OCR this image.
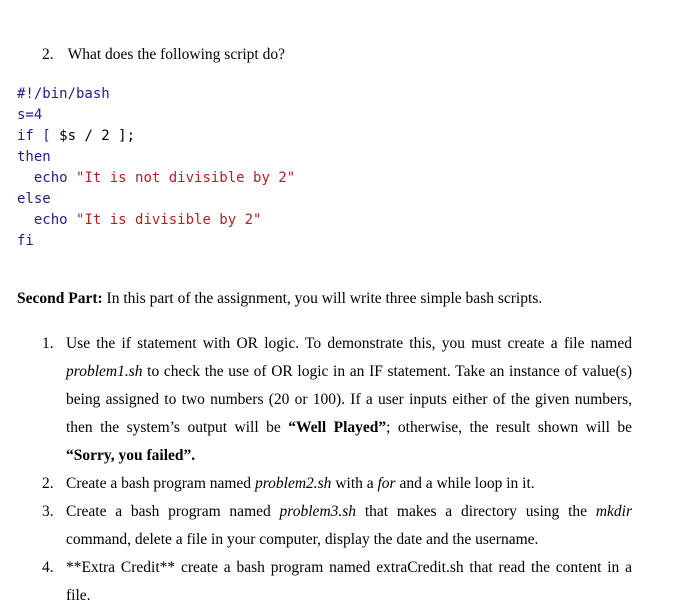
2. What does the following script do?
#!/bin/bash
s=4
if [ $s / 2 ];
then
echo "It is not divisible by 2"
else
echo "It is divisible by 2"
fi
Second Part: In this part of the assignment, you will write three simple bash scripts.
1. Use the if statement with OR logic. To demonstrate this, you must create a file named problem1.sh to check the use of OR logic in an IF statement. Take an instance of value(s) being assigned to two numbers (20 or 100). If a user inputs either of the given numbers, then the system’s output will be “Well Played”; otherwise, the result shown will be “Sorry, you failed”.
2. Create a bash program named problem2.sh with a for and a while loop in it.
3. Create a bash program named problem3.sh that makes a directory using the mkdir command, delete a file in your computer, display the date and the username.
4. **Extra Credit** create a bash program named extraCredit.sh that read the content in a file.
